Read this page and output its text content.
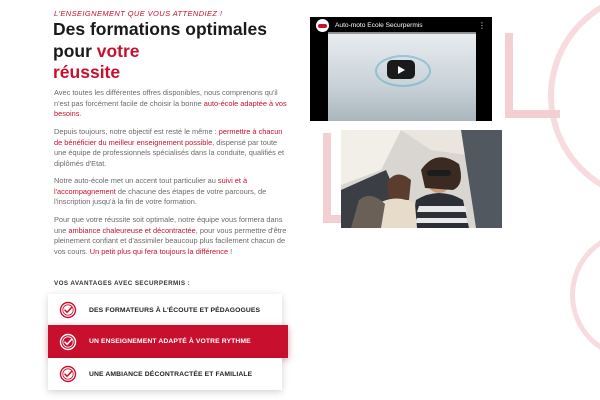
L'ENSEIGNEMENT QUE VOUS ATTENDIEZ !
Des formations optimales pour votre
réussite

Avec toutes les différentes offres disponibles, nous comprenons qu'il n'est pas forcément facile de choisir la bonne auto-école adaptée à vos besoins.

Depuis toujours, notre objectif est resté le même : permettre à chacun de bénéficier du meilleur enseignement possible, dispensé par toute une équipe de professionnels spécialisés dans la conduite, qualifiés et diplômés d'Etat.

Notre auto-école met un accent tout particulier au suivi et à l'accompagnement de chacune des étapes de votre parcours, de l'inscription jusqu'à la fin de votre formation.

Pour que votre réussite soit optimale, notre équipe vous formera dans une ambiance chaleureuse et décontractée, pour vous permettre d'être pleinement confiant et d'assimiler beaucoup plus facilement chacun de vos cours. Un petit plus qui fera toujours la différence !

VOS AVANTAGES AVEC SECURPERMIS :
DES FORMATEURS À L'ÉCOUTE ET PÉDAGOGUES
UN ENSEIGNEMENT ADAPTÉ À VOTRE RYTHME
UNE AMBIANCE DÉCONTRACTÉE ET FAMILIALE
Auto-moto Ecole Securpermis	⋮
